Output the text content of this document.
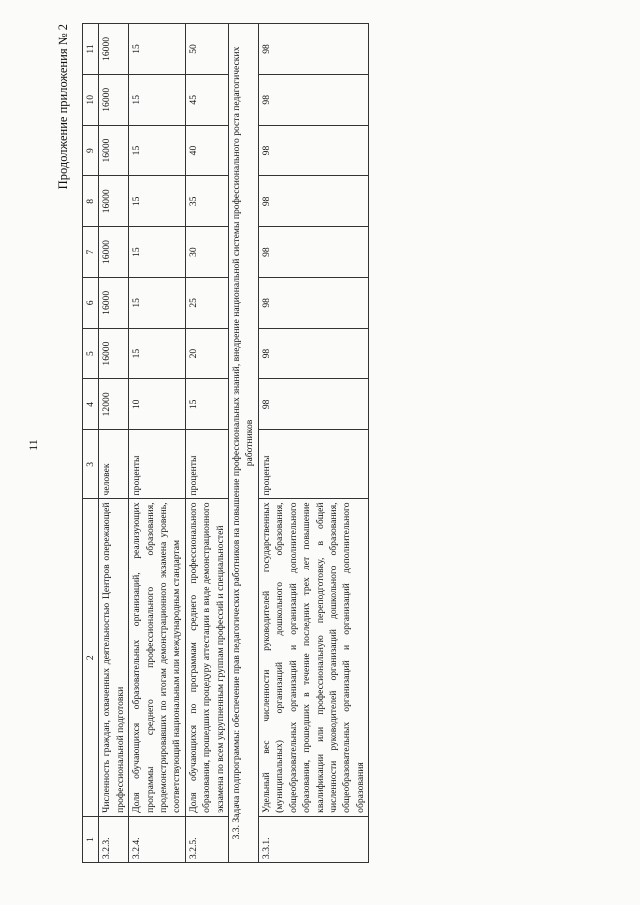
11
Продолжение приложения № 2
1	2	3	4	5	6	7	8	9	10	11
3.2.3.	Численность граждан, охваченных деятельностью Центров опережающей профессиональной подготовки	человек	12000	16000	16000	16000	16000	16000	16000	16000
3.2.4.	Доля обучающихся образовательных организаций, реализующих программы среднего профессионального образования, продемонстрировавших по итогам демонстрационного экзамена уровень, соответствующий национальным или международным стандартам	проценты	10	15	15	15	15	15	15	15
3.2.5.	Доля обучающихся по программам среднего профессионального образования, прошедших процедуру аттестации в виде демонстрационного экзамена по всем укрупненным группам профессий и специальностей	проценты	15	20	25	30	35	40	45	50
3.3. Задача подпрограммы: обеспечение прав педагогических работников на повышение профессиональных знаний, внедрение национальной системы профессионального роста педагогических работников										
3.3.1.	Удельный вес численности руководителей государственных (муниципальных) организаций дошкольного образования, общеобразовательных организаций и организаций дополнительного образования, прошедших в течение последних трех лет повышение квалификации или профессиональную переподготовку, в общей численности руководителей организаций дошкольного образования, общеобразовательных организаций и организаций дополнительного образования	проценты	98	98	98	98	98	98	98	98
